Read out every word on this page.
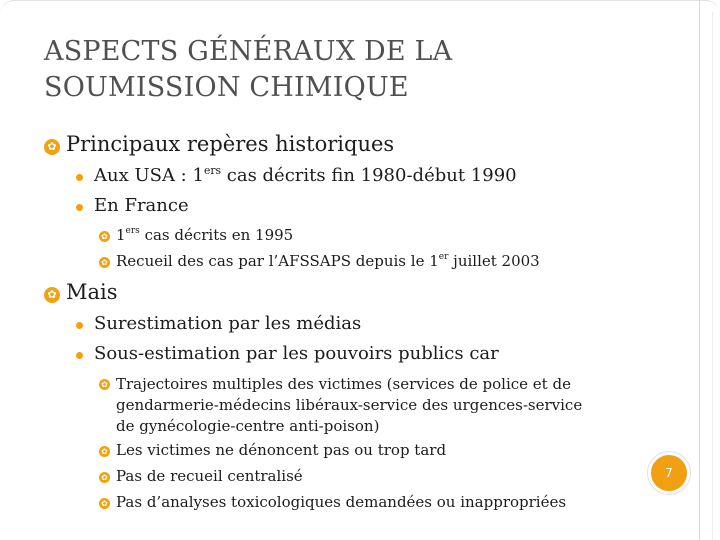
ASPECTS GÉNÉRAUX DE LA
SOUMISSION CHIMIQUE
✿ Principaux repères historiques
Aux USA : 1ers cas décrits fin 1980-début 1990
En France
✿ 1ers cas décrits en 1995
✿ Recueil des cas par l’AFSSAPS depuis le 1er juillet 2003
✿ Mais
Surestimation par les médias
Sous-estimation par les pouvoirs publics car
✿ Trajectoires multiples des victimes (services de police et de
gendarmerie-médecins libéraux-service des urgences-service
de gynécologie-centre anti-poison)
✿ Les victimes ne dénoncent pas ou trop tard
✿ Pas de recueil centralisé
✿ Pas d’analyses toxicologiques demandées ou inappropriées
7
